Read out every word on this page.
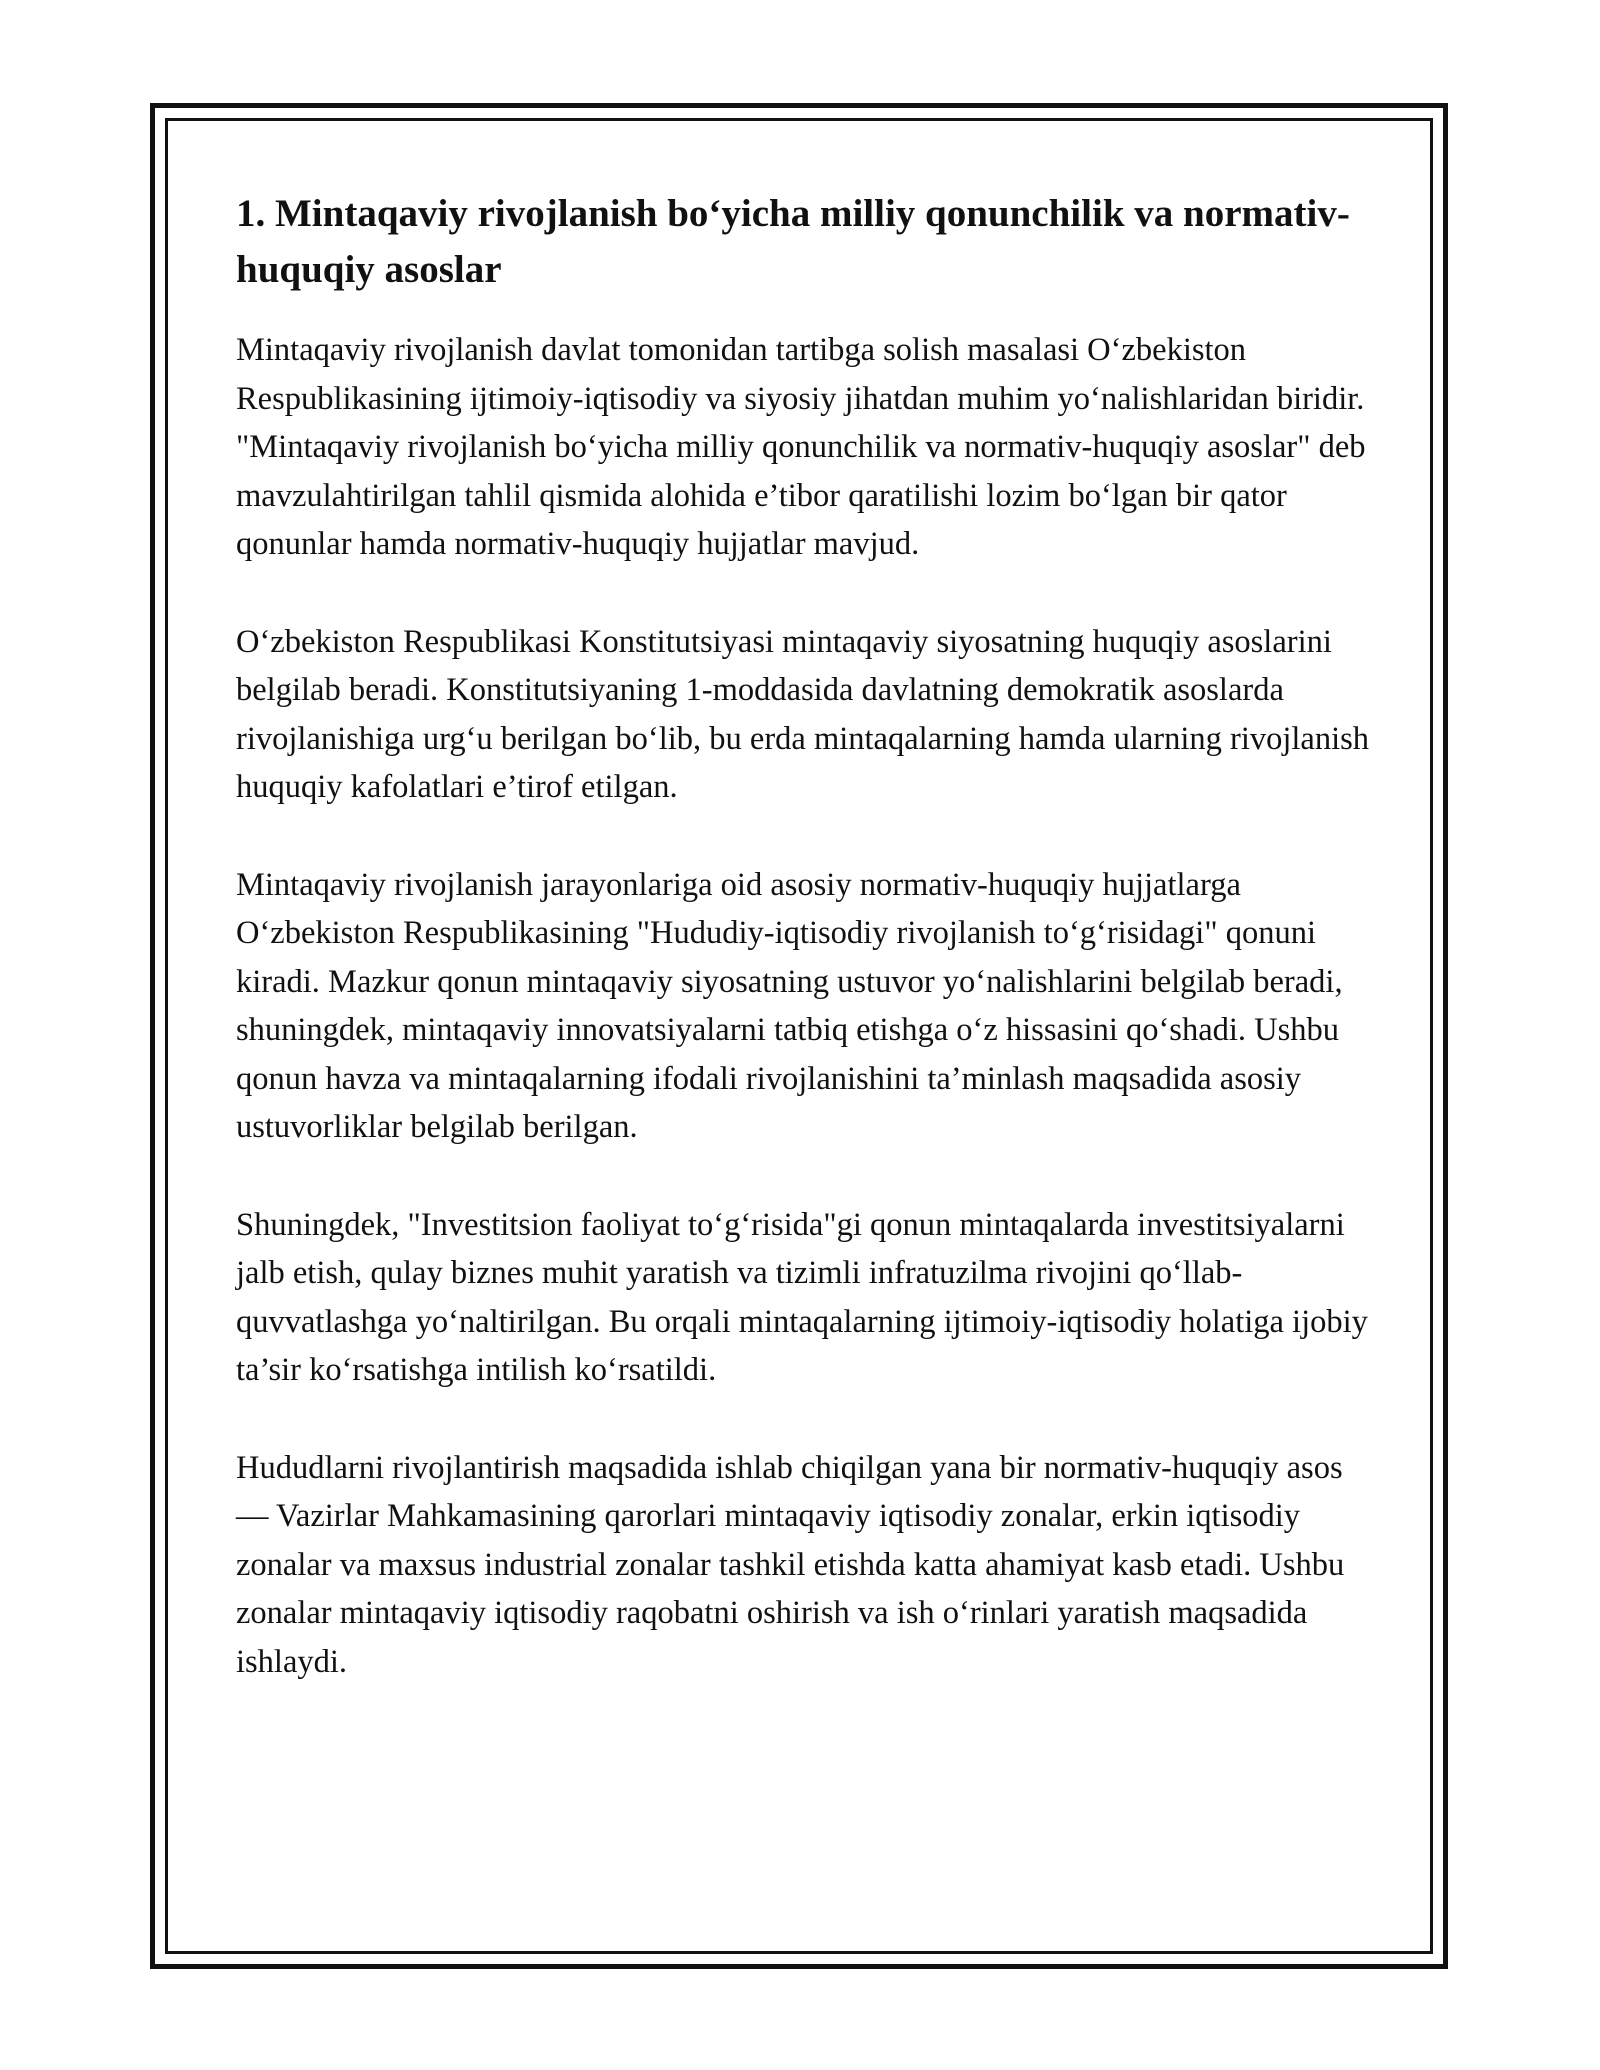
1. Mintaqaviy rivojlanish bo‘yicha milliy qonunchilik va normativ-huquqiy asoslar

Mintaqaviy rivojlanish davlat tomonidan tartibga solish masalasi O‘zbekiston Respublikasining ijtimoiy-iqtisodiy va siyosiy jihatdan muhim yo‘nalishlaridan biridir. "Mintaqaviy rivojlanish bo‘yicha milliy qonunchilik va normativ-huquqiy asoslar" deb mavzulahtirilgan tahlil qismida alohida e’tibor qaratilishi lozim bo‘lgan bir qator qonunlar hamda normativ-huquqiy hujjatlar mavjud.

O‘zbekiston Respublikasi Konstitutsiyasi mintaqaviy siyosatning huquqiy asoslarini belgilab beradi. Konstitutsiyaning 1-moddasida davlatning demokratik asoslarda rivojlanishiga urg‘u berilgan bo‘lib, bu erda mintaqalarning hamda ularning rivojlanish huquqiy kafolatlari e’tirof etilgan.

Mintaqaviy rivojlanish jarayonlariga oid asosiy normativ-huquqiy hujjatlarga O‘zbekiston Respublikasining "Hududiy-iqtisodiy rivojlanish to‘g‘risidagi" qonuni kiradi. Mazkur qonun mintaqaviy siyosatning ustuvor yo‘nalishlarini belgilab beradi, shuningdek, mintaqaviy innovatsiyalarni tatbiq etishga o‘z hissasini qo‘shadi. Ushbu qonun havza va mintaqalarning ifodali rivojlanishini ta’minlash maqsadida asosiy ustuvorliklar belgilab berilgan.

Shuningdek, "Investitsion faoliyat to‘g‘risida"gi qonun mintaqalarda investitsiyalarni jalb etish, qulay biznes muhit yaratish va tizimli infratuzilma rivojini qo‘llab-quvvatlashga yo‘naltirilgan. Bu orqali mintaqalarning ijtimoiy-iqtisodiy holatiga ijobiy ta’sir ko‘rsatishga intilish ko‘rsatildi.

Hududlarni rivojlantirish maqsadida ishlab chiqilgan yana bir normativ-huquqiy asos — Vazirlar Mahkamasining qarorlari mintaqaviy iqtisodiy zonalar, erkin iqtisodiy zonalar va maxsus industrial zonalar tashkil etishda katta ahamiyat kasb etadi. Ushbu zonalar mintaqaviy iqtisodiy raqobatni oshirish va ish o‘rinlari yaratish maqsadida ishlaydi.
